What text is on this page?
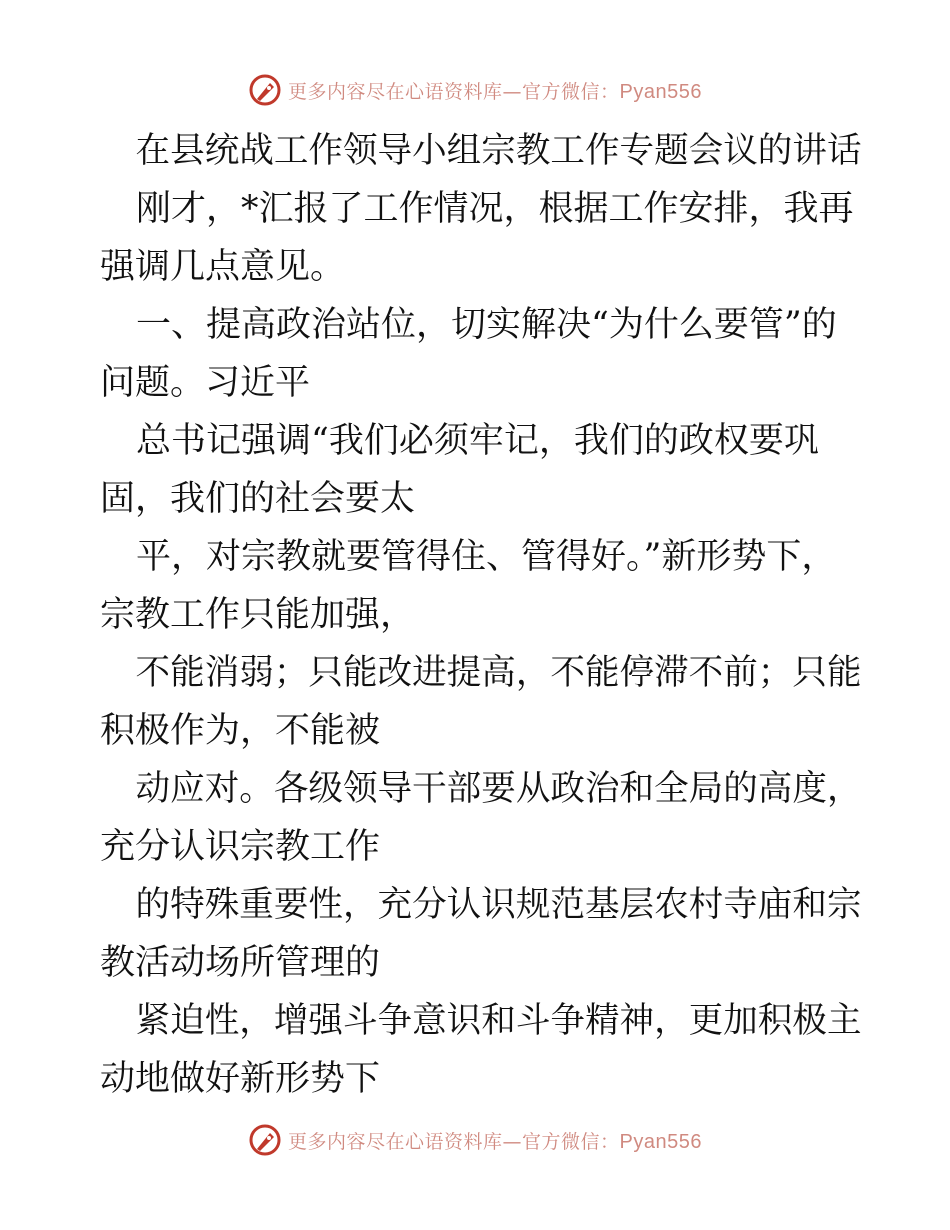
更多内容尽在心语资料库—官方微信：Pyan556
在县统战工作领导小组宗教工作专题会议的讲话
刚才，*汇报了工作情况，根据工作安排，我再
强调几点意见。
一、提高政治站位，切实解决“为什么要管”的
问题。习近平
总书记强调“我们必须牢记，我们的政权要巩
固，我们的社会要太
平，对宗教就要管得住、管得好。”新形势下，
宗教工作只能加强，
不能消弱；只能改进提高，不能停滞不前；只能
积极作为，不能被
动应对。各级领导干部要从政治和全局的高度，
充分认识宗教工作
的特殊重要性，充分认识规范基层农村寺庙和宗
教活动场所管理的
紧迫性，增强斗争意识和斗争精神，更加积极主
动地做好新形势下
更多内容尽在心语资料库—官方微信：Pyan556
